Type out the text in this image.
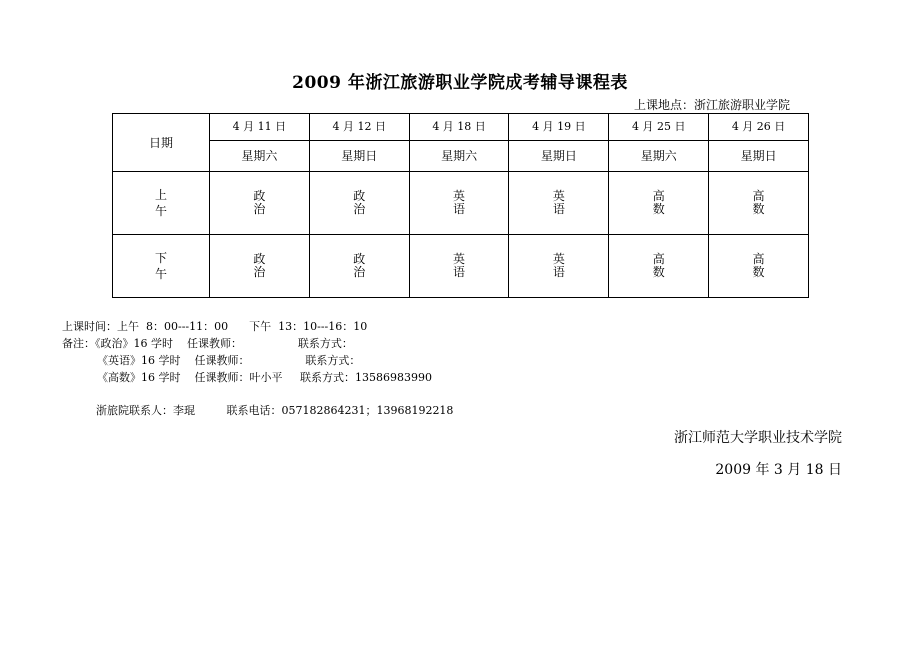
2009 年浙江旅游职业学院成考辅导课程表
上课地点：浙江旅游职业学院
日期	4 月 11 日	4 月 12 日	4 月 18 日	4 月 19 日	4 月 25 日	4 月 26 日
	星期六	星期日	星期六	星期日	星期六	星期日
上午	政治	政治	英语	英语	高数	高数
下午	政治	政治	英语	英语	高数	高数
上课时间：上午  8：00---11：00      下午  13：10---16：10
备注：《政治》16 学时    任课教师：                联系方式：
《英语》16 学时    任课教师：                联系方式：
《高数》16 学时    任课教师：叶小平     联系方式：13586983990
浙旅院联系人：李琨         联系电话：057182864231；13968192218
浙江师范大学职业技术学院
2009 年 3 月 18 日
